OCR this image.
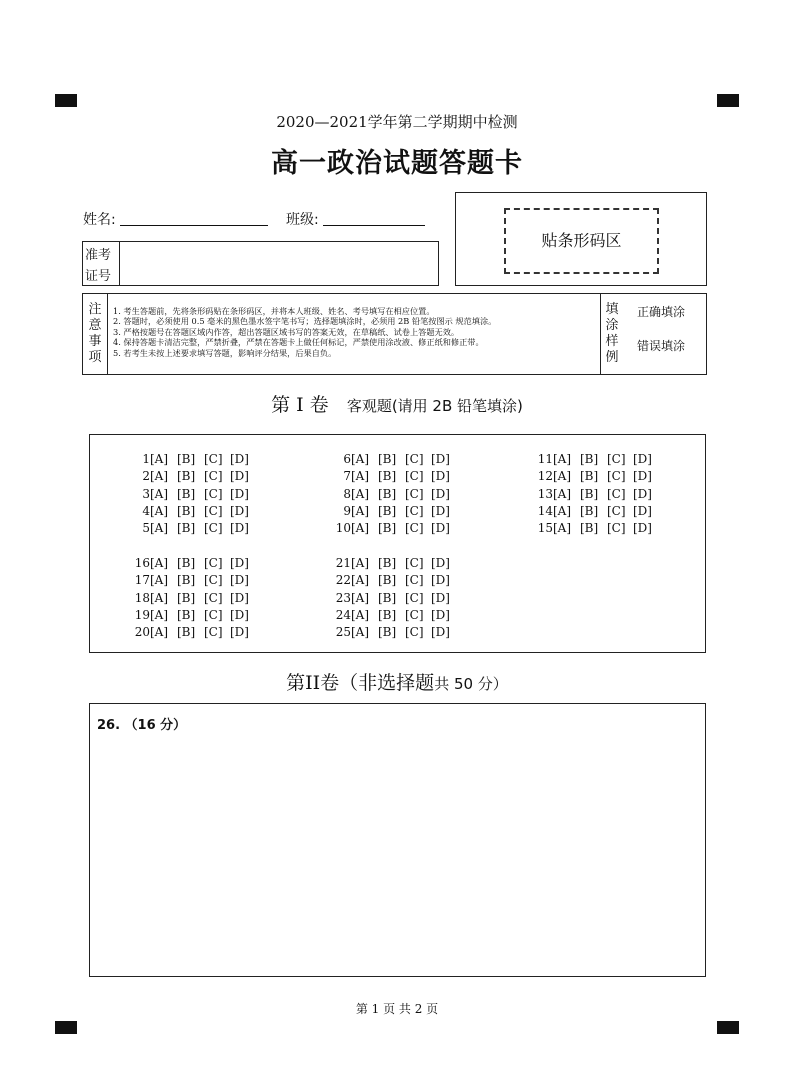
2020—2021学年第二学期期中检测
高一政治试题答题卡
姓名:	班级:
准考
证号
贴条形码区
注
意
事
项
1. 考生答题前，先将条形码贴在条形码区，并将本人班级、姓名、考号填写在相应位置。
2. 答题时，必须使用 0.5 毫米的黑色墨水签字笔书写；选择题填涂时，必须用 2B 铅笔按图示 规范填涂。
3. 严格按题号在答题区域内作答，超出答题区域书写的答案无效，在草稿纸、试卷上答题无效。
4. 保持答题卡清洁完整，严禁折叠，严禁在答题卡上做任何标记，严禁使用涂改液、修正纸和修正带。
5. 若考生未按上述要求填写答题，影响评分结果，后果自负。
填
涂
样
例
正确填涂
错误填涂
第 I 卷 客观题(请用 2B 铅笔填涂)
1 [A] [B] [C] [D]
2 [A] [B] [C] [D]
3 [A] [B] [C] [D]
4 [A] [B] [C] [D]
5 [A] [B] [C] [D]
6 [A] [B] [C] [D]
7 [A] [B] [C] [D]
8 [A] [B] [C] [D]
9 [A] [B] [C] [D]
10 [A] [B] [C] [D]
11 [A] [B] [C] [D]
12 [A] [B] [C] [D]
13 [A] [B] [C] [D]
14 [A] [B] [C] [D]
15 [A] [B] [C] [D]
16 [A] [B] [C] [D]
17 [A] [B] [C] [D]
18 [A] [B] [C] [D]
19 [A] [B] [C] [D]
20 [A] [B] [C] [D]
21 [A] [B] [C] [D]
22 [A] [B] [C] [D]
23 [A] [B] [C] [D]
24 [A] [B] [C] [D]
25 [A] [B] [C] [D]
第II卷（非选择题共 50 分）
26. （16 分）
第 1 页 共 2 页
